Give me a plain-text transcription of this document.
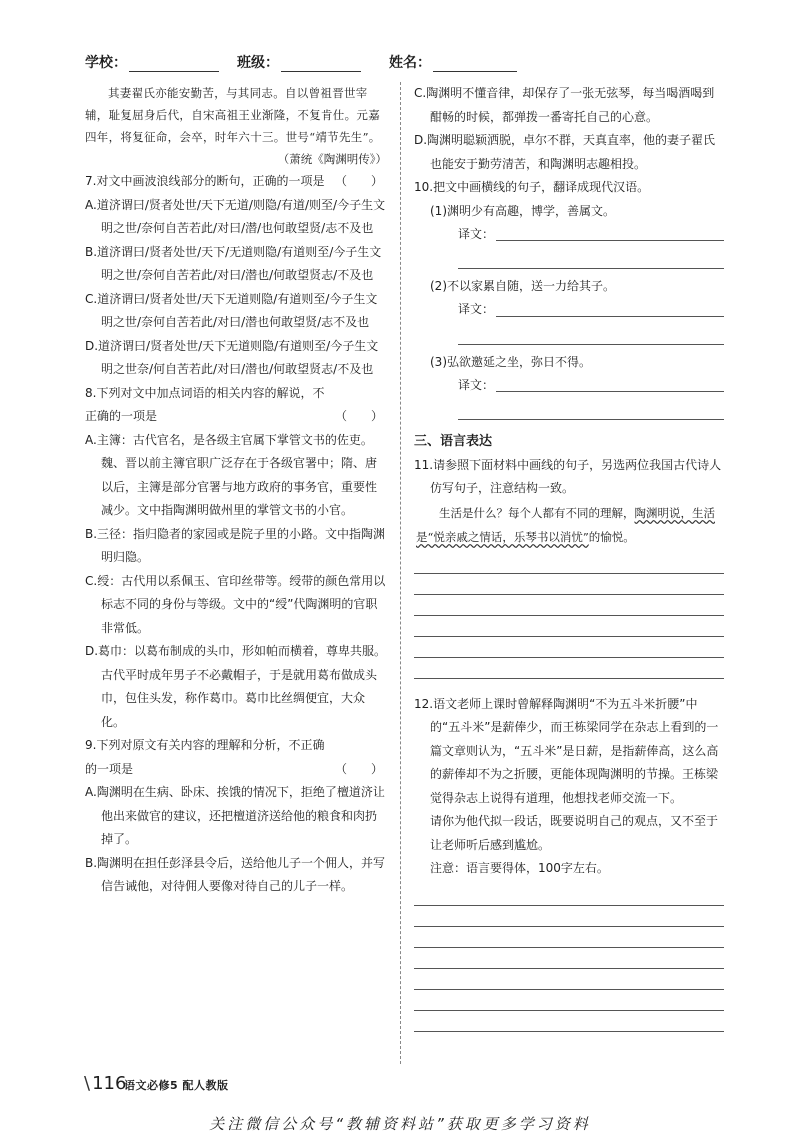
学校：	班级：	姓名：

其妻翟氏亦能安勤苦，与其同志。自以曾祖晋世宰辅，耻复屈身后代，自宋高祖王业渐隆，不复肯仕。元嘉四年，将复征命，会卒，时年六十三。世号“靖节先生”。

（萧统《陶渊明传》）

7.对文中画波浪线部分的断句，正确的一项是 （　　）

A.道济谓曰/贤者处世/天下无道/则隐/有道/则至/今子生文明之世/奈何自苦若此/对曰/潜/也何敢望贤/志不及也

B.道济谓曰/贤者处世/天下/无道则隐/有道则至/今子生文明之世/奈何自苦若此/对曰/潜也/何敢望贤志/不及也

C.道济谓曰/贤者处世/天下无道则隐/有道则至/今子生文明之世/奈何自苦若此/对曰/潜也何敢望贤/志不及也

D.道济谓曰/贤者处世/天下无道则隐/有道则至/今子生文明之世奈/何自苦若此/对曰/潜也/何敢望贤志/不及也

8.下列对文中加点词语的相关内容的解说，不正确的一项是	（　　）

A.主簿：古代官名，是各级主官属下掌管文书的佐吏。魏、晋以前主簿官职广泛存在于各级官署中；隋、唐以后，主簿是部分官署与地方政府的事务官，重要性减少。文中指陶渊明做州里的掌管文书的小官。

B.三径：指归隐者的家园或是院子里的小路。文中指陶渊明归隐。

C.绶：古代用以系佩玉、官印丝带等。绶带的颜色常用以标志不同的身份与等级。文中的“绶”代陶渊明的官职非常低。

D.葛巾：以葛布制成的头巾，形如帕而横着，尊卑共服。古代平时成年男子不必戴帽子，于是就用葛布做成头巾，包住头发，称作葛巾。葛巾比丝绸便宜，大众化。

9.下列对原文有关内容的理解和分析，不正确的一项是	（　　）

A.陶渊明在生病、卧床、挨饿的情况下，拒绝了檀道济让他出来做官的建议，还把檀道济送给他的粮食和肉扔掉了。

B.陶渊明在担任彭泽县令后，送给他儿子一个佣人，并写信告诫他，对待佣人要像对待自己的儿子一样。

C.陶渊明不懂音律，却保存了一张无弦琴，每当喝酒喝到酣畅的时候，都弹拨一番寄托自己的心意。

D.陶渊明聪颖洒脱，卓尔不群，天真直率，他的妻子翟氏也能安于勤劳清苦，和陶渊明志趣相投。

10.把文中画横线的句子，翻译成现代汉语。

(1)渊明少有高趣，博学，善属文。

译文：

(2)不以家累自随，送一力给其子。

译文：

(3)弘欲邀延之坐，弥日不得。

译文：

三、语言表达

11.请参照下面材料中画线的句子，另选两位我国古代诗人仿写句子，注意结构一致。

生活是什么？每个人都有不同的理解，陶渊明说，生活是“悦亲戚之情话，乐琴书以消忧”的愉悦。

12.语文老师上课时曾解释陶渊明“不为五斗米折腰”中的“五斗米”是薪俸少，而王栋梁同学在杂志上看到的一篇文章则认为，“五斗米”是日薪，是指薪俸高，这么高的薪俸却不为之折腰，更能体现陶渊明的节操。王栋梁觉得杂志上说得有道理，他想找老师交流一下。

请你为他代拟一段话，既要说明自己的观点，又不至于让老师听后感到尴尬。

注意：语言要得体，100字左右。

\ 116
语文必修5 配人教版
关注微信公众号“教辅资料站”获取更多学习资料
